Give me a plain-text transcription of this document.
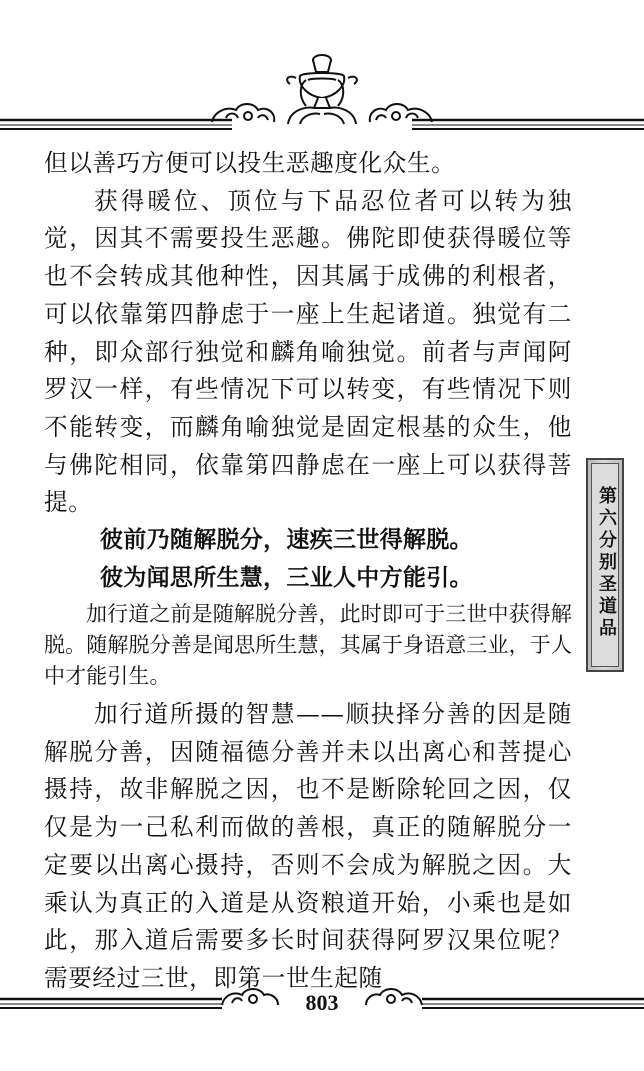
但以善巧方便可以投生恶趣度化众生。

获得暖位、顶位与下品忍位者可以转为独觉，因其不需要投生恶趣。佛陀即使获得暖位等也不会转成其他种性，因其属于成佛的利根者，可以依靠第四静虑于一座上生起诸道。独觉有二种，即众部行独觉和麟角喻独觉。前者与声闻阿罗汉一样，有些情况下可以转变，有些情况下则不能转变，而麟角喻独觉是固定根基的众生，他与佛陀相同，依靠第四静虑在一座上可以获得菩提。

彼前乃随解脱分，速疾三世得解脱。

彼为闻思所生慧，三业人中方能引。

加行道之前是随解脱分善，此时即可于三世中获得解脱。随解脱分善是闻思所生慧，其属于身语意三业，于人中才能引生。

加行道所摄的智慧——顺抉择分善的因是随解脱分善，因随福德分善并未以出离心和菩提心摄持，故非解脱之因，也不是断除轮回之因，仅仅是为一己私利而做的善根，真正的随解脱分一定要以出离心摄持，否则不会成为解脱之因。大乘认为真正的入道是从资粮道开始，小乘也是如此，那入道后需要多长时间获得阿罗汉果位呢？需要经过三世，即第一世生起随

第六分别圣道品
803
